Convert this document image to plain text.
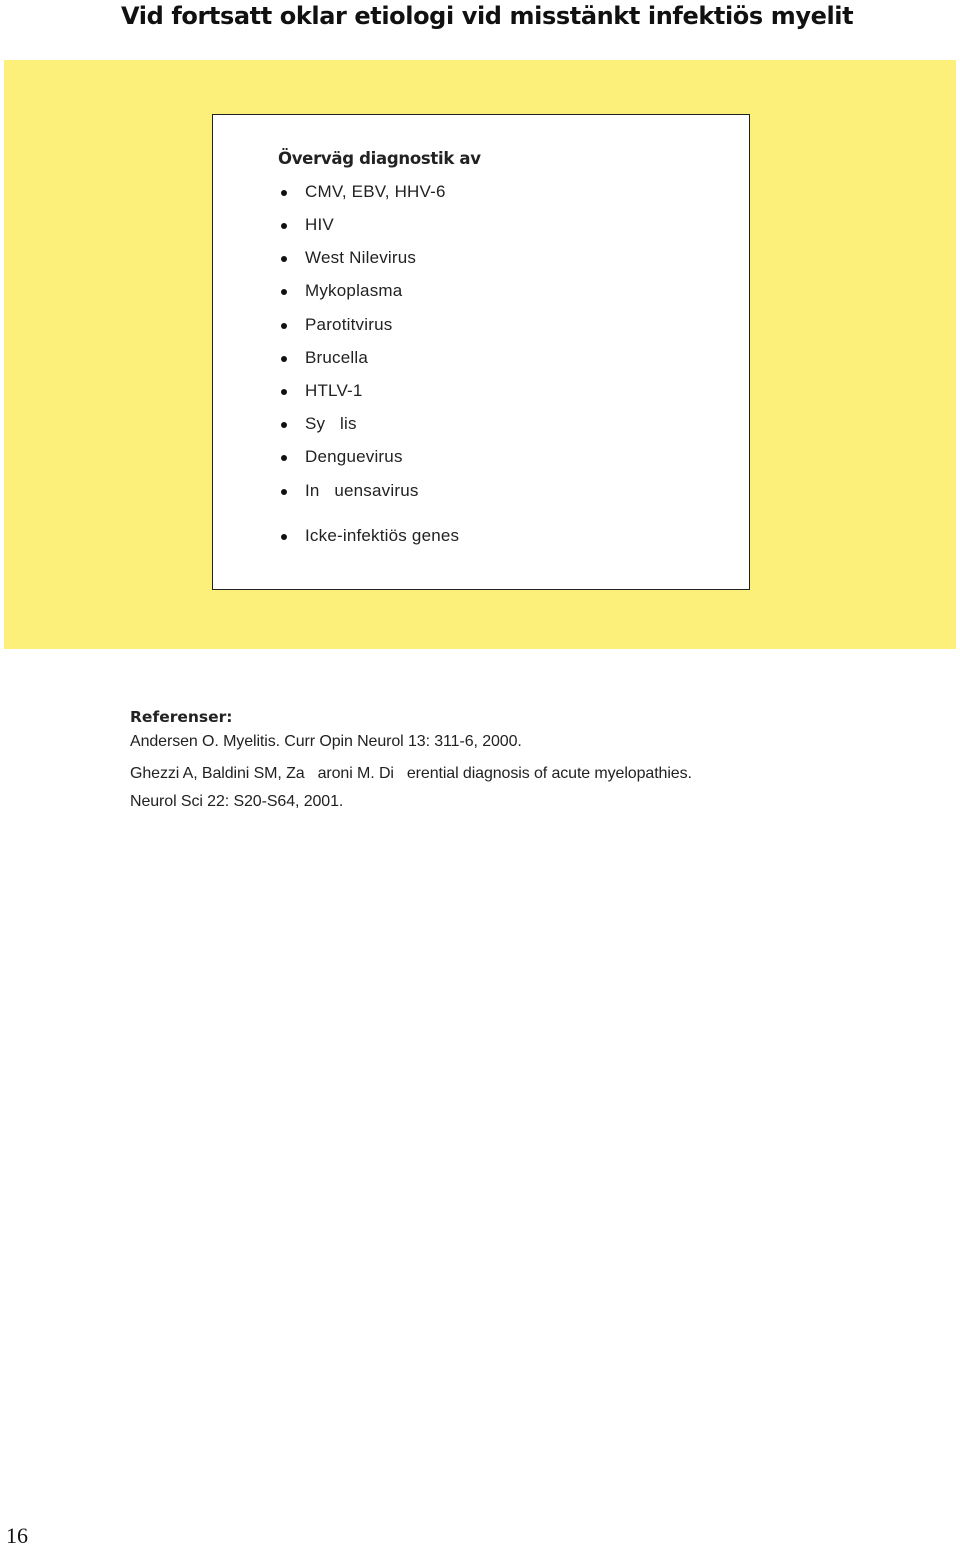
Vid fortsatt oklar etiologi vid misstänkt infektiös myelit
Överväg diagnostik av
CMV, EBV, HHV-6
HIV
West Nilevirus
Mykoplasma
Parotitvirus
Brucella
HTLV-1
Sy   lis
Denguevirus
In   uensavirus
Icke-infektiös genes
Referenser:
Andersen O. Myelitis. Curr Opin Neurol 13: 311-6, 2000.
Ghezzi A, Baldini SM, Za   aroni M. Di   erential diagnosis of acute myelopathies.
Neurol Sci 22: S20-S64, 2001.
16
